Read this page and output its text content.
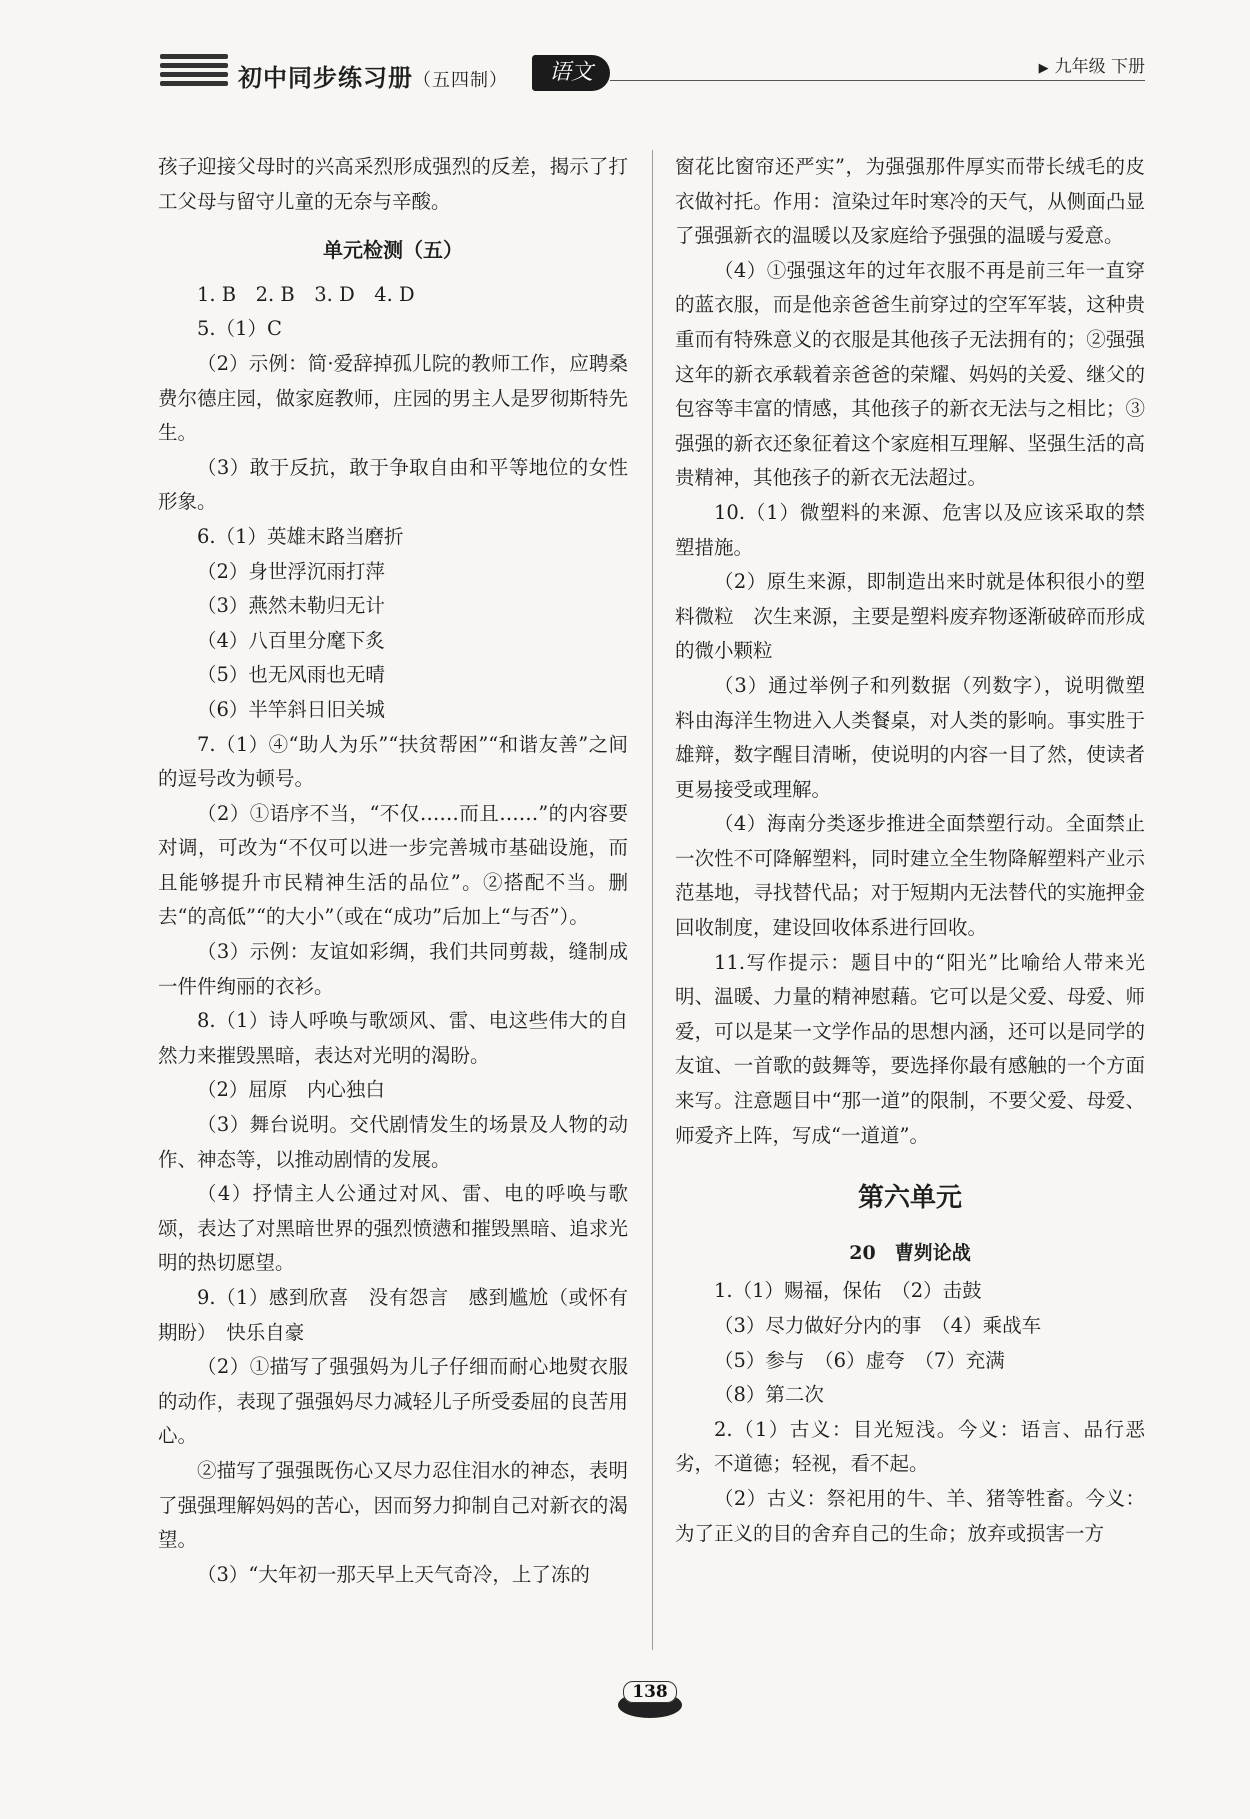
初中同步练习册（五四制）	语文	▶ 九年级 下册

孩子迎接父母时的兴高采烈形成强烈的反差，揭示了打工父母与留守儿童的无奈与辛酸。

单元检测（五）

1. B　2. B　3. D　4. D

5.（1）C

（2）示例：简·爱辞掉孤儿院的教师工作，应聘桑费尔德庄园，做家庭教师，庄园的男主人是罗彻斯特先生。

（3）敢于反抗，敢于争取自由和平等地位的女性形象。

6.（1）英雄末路当磨折

（2）身世浮沉雨打萍

（3）燕然未勒归无计

（4）八百里分麾下炙

（5）也无风雨也无晴

（6）半竿斜日旧关城

7.（1）④“助人为乐”“扶贫帮困”“和谐友善”之间的逗号改为顿号。

（2）①语序不当，“不仅……而且……”的内容要对调，可改为“不仅可以进一步完善城市基础设施，而且能够提升市民精神生活的品位”。②搭配不当。删去“的高低”“的大小”（或在“成功”后加上“与否”）。

（3）示例：友谊如彩绸，我们共同剪裁，缝制成一件件绚丽的衣衫。

8.（1）诗人呼唤与歌颂风、雷、电这些伟大的自然力来摧毁黑暗，表达对光明的渴盼。

（2）屈原　内心独白

（3）舞台说明。交代剧情发生的场景及人物的动作、神态等，以推动剧情的发展。

（4）抒情主人公通过对风、雷、电的呼唤与歌颂，表达了对黑暗世界的强烈愤懑和摧毁黑暗、追求光明的热切愿望。

9.（1）感到欣喜　没有怨言　感到尴尬（或怀有期盼）　快乐自豪

（2）①描写了强强妈为儿子仔细而耐心地熨衣服的动作，表现了强强妈尽力减轻儿子所受委屈的良苦用心。

②描写了强强既伤心又尽力忍住泪水的神态，表明了强强理解妈妈的苦心，因而努力抑制自己对新衣的渴望。

（3）“大年初一那天早上天气奇冷，上了冻的

窗花比窗帘还严实”，为强强那件厚实而带长绒毛的皮衣做衬托。作用：渲染过年时寒冷的天气，从侧面凸显了强强新衣的温暖以及家庭给予强强的温暖与爱意。

（4）①强强这年的过年衣服不再是前三年一直穿的蓝衣服，而是他亲爸爸生前穿过的空军军装，这种贵重而有特殊意义的衣服是其他孩子无法拥有的；②强强这年的新衣承载着亲爸爸的荣耀、妈妈的关爱、继父的包容等丰富的情感，其他孩子的新衣无法与之相比；③强强的新衣还象征着这个家庭相互理解、坚强生活的高贵精神，其他孩子的新衣无法超过。

10.（1）微塑料的来源、危害以及应该采取的禁塑措施。

（2）原生来源，即制造出来时就是体积很小的塑料微粒　次生来源，主要是塑料废弃物逐渐破碎而形成的微小颗粒

（3）通过举例子和列数据（列数字），说明微塑料由海洋生物进入人类餐桌，对人类的影响。事实胜于雄辩，数字醒目清晰，使说明的内容一目了然，使读者更易接受或理解。

（4）海南分类逐步推进全面禁塑行动。全面禁止一次性不可降解塑料，同时建立全生物降解塑料产业示范基地，寻找替代品；对于短期内无法替代的实施押金回收制度，建设回收体系进行回收。

11.写作提示：题目中的“阳光”比喻给人带来光明、温暖、力量的精神慰藉。它可以是父爱、母爱、师爱，可以是某一文学作品的思想内涵，还可以是同学的友谊、一首歌的鼓舞等，要选择你最有感触的一个方面来写。注意题目中“那一道”的限制，不要父爱、母爱、师爱齐上阵，写成“一道道”。

第六单元

20　曹刿论战

1.（1）赐福，保佑　（2）击鼓

（3）尽力做好分内的事　（4）乘战车

（5）参与　（6）虚夸　（7）充满

（8）第二次

2.（1）古义：目光短浅。今义：语言、品行恶劣，不道德；轻视，看不起。

（2）古义：祭祀用的牛、羊、猪等牲畜。今义：为了正义的目的舍弃自己的生命；放弃或损害一方

138
